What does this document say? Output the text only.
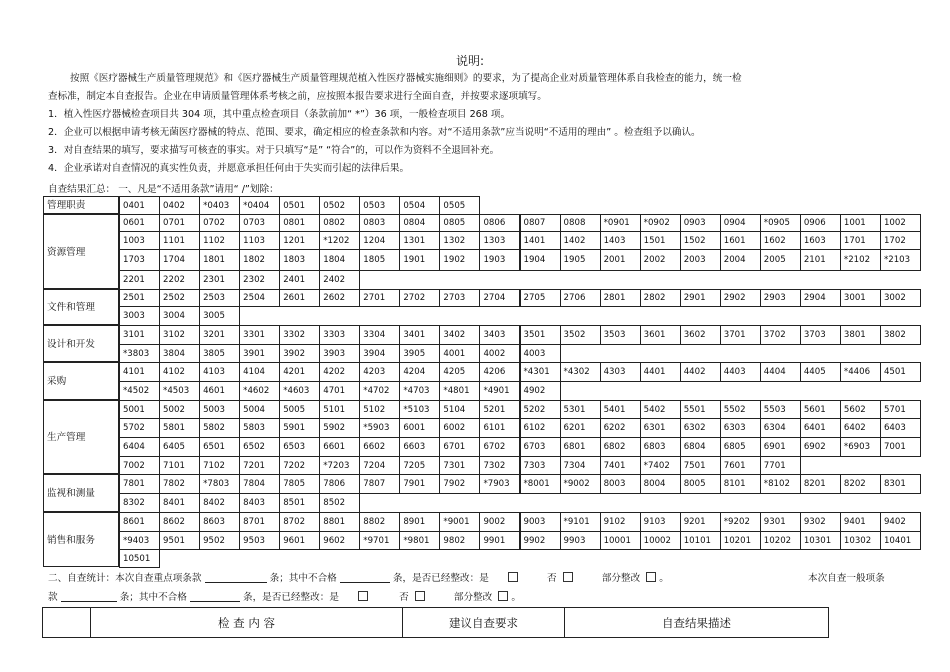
说明:
按照《医疗器械生产质量管理规范》和《医疗器械生产质量管理规范植入性医疗器械实施细则》的要求，为了提高企业对质量管理体系自我检查的能力，统一检
查标准，制定本自查报告。企业在申请质量管理体系考核之前，应按照本报告要求进行全面自查，并按要求逐项填写。
1．植入性医疗器械检查项目共 304 项，其中重点检查项目（条款前加“ *”）36 项，一般检查项目 268 项。
2．企业可以根据申请考核无菌医疗器械的特点、范围、要求，确定相应的检查条款和内容。对“不适用条款”应当说明“不适用的理由” 。检查组予以确认。
3．对自查结果的填写，要求描写可核查的事实。对于只填写“是” “符合”的，可以作为资料不全退回补充。
4．企业承诺对自查情况的真实性负责，并愿意承担任何由于失实而引起的法律后果。
自查结果汇总： 一、凡是“不适用条款”请用“ /”划除：
管理职责	0401	0402	*0403	*0404	0501	0502	0503	0504	0505
资源管理
0601	0701	0702	0703	0801	0802	0803	0804	0805	0806	0807	0808	*0901	*0902	0903	0904	*0905	0906	1001	1002
1003	1101	1102	1103	1201	*1202	1204	1301	1302	1303	1401	1402	1403	1501	1502	1601	1602	1603	1701	1702
1703	1704	1801	1802	1803	1804	1805	1901	1902	1903	1904	1905	2001	2002	2003	2004	2005	2101	*2102	*2103
2201	2202	2301	2302	2401	2402
文件和管理
2501	2502	2503	2504	2601	2602	2701	2702	2703	2704	2705	2706	2801	2802	2901	2902	2903	2904	3001	3002
3003	3004	3005
设计和开发
3101	3102	3201	3301	3302	3303	3304	3401	3402	3403	3501	3502	3503	3601	3602	3701	3702	3703	3801	3802
*3803	3804	3805	3901	3902	3903	3904	3905	4001	4002	4003
采购
4101	4102	4103	4104	4201	4202	4203	4204	4205	4206	*4301	*4302	4303	4401	4402	4403	4404	4405	*4406	4501
*4502	*4503	4601	*4602	*4603	4701	*4702	*4703	*4801	*4901	4902
生产管理
5001	5002	5003	5004	5005	5101	5102	*5103	5104	5201	5202	5301	5401	5402	5501	5502	5503	5601	5602	5701
5702	5801	5802	5803	5901	5902	*5903	6001	6002	6101	6102	6201	6202	6301	6302	6303	6304	6401	6402	6403
6404	6405	6501	6502	6503	6601	6602	6603	6701	6702	6703	6801	6802	6803	6804	6805	6901	6902	*6903	7001
7002	7101	7102	7201	7202	*7203	7204	7205	7301	7302	7303	7304	7401	*7402	7501	7601	7701
监视和测量
7801	7802	*7803	7804	7805	7806	7807	7901	7902	*7903	*8001	*9002	8003	8004	8005	8101	*8102	8201	8202	8301
8302	8401	8402	8403	8501	8502
销售和服务
8601	8602	8603	8701	8702	8801	8802	8901	*9001	9002	9003	*9101	9102	9103	9201	*9202	9301	9302	9401	9402
*9403	9501	9502	9503	9601	9602	*9701	*9801	9802	9901	9902	9903	10001	10002	10101	10201	10202	10301	10302	10401
10501
二、自查统计：本次自查重点项条款	条；其中不合格	条，是否已经整改：是	否	部分整改 。	本次自查一般项条
款	条；其中不合格	条，是否已经整改：是	否	部分整改 。
检 查 内 容	建议自查要求	自查结果描述
